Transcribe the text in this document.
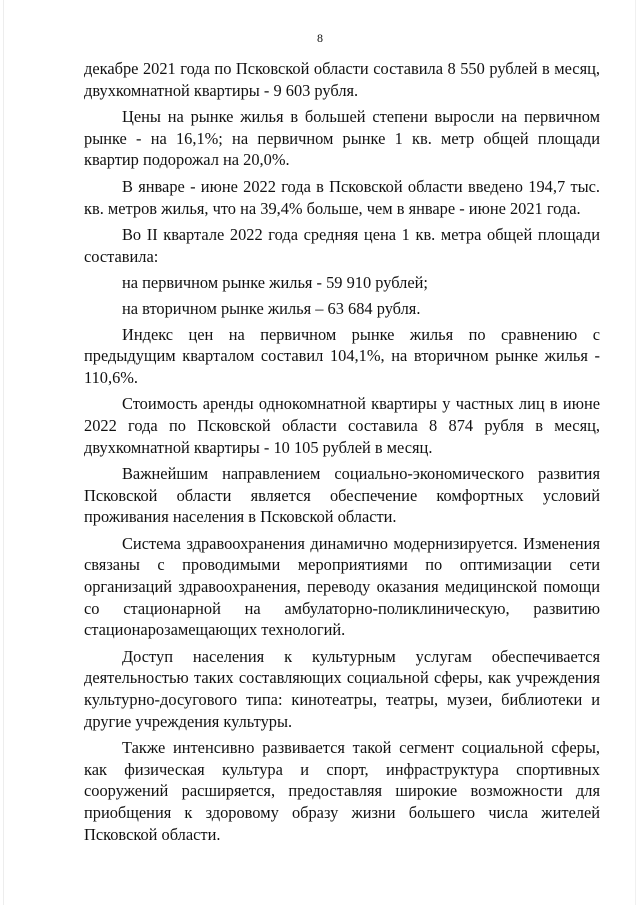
8

декабре 2021 года по Псковской области составила 8 550 рублей в месяц, двухкомнатной квартиры - 9 603 рубля.

Цены на рынке жилья в большей степени выросли на первичном рынке - на 16,1%; на первичном рынке 1 кв. метр общей площади квартир подорожал на 20,0%.

В январе - июне 2022 года в Псковской области введено 194,7 тыс. кв. метров жилья, что на 39,4% больше, чем в январе - июне 2021 года.

Во II квартале 2022 года средняя цена 1 кв. метра общей площади составила:

на первичном рынке жилья - 59 910 рублей;

на вторичном рынке жилья – 63 684 рубля.

Индекс цен на первичном рынке жилья по сравнению с предыдущим кварталом составил 104,1%, на вторичном рынке жилья - 110,6%.

Стоимость аренды однокомнатной квартиры у частных лиц в июне 2022 года по Псковской области составила 8 874 рубля в месяц, двухкомнатной квартиры - 10 105 рублей в месяц.

Важнейшим направлением социально-экономического развития Псковской области является обеспечение комфортных условий проживания населения в Псковской области.

Система здравоохранения динамично модернизируется. Изменения связаны с проводимыми мероприятиями по оптимизации сети организаций здравоохранения, переводу оказания медицинской помощи со стационарной на амбулаторно-поликлиническую, развитию стационарозамещающих технологий.

Доступ населения к культурным услугам обеспечивается деятельностью таких составляющих социальной сферы, как учреждения культурно-досугового типа: кинотеатры, театры, музеи, библиотеки и другие учреждения культуры.

Также интенсивно развивается такой сегмент социальной сферы, как физическая культура и спорт, инфраструктура спортивных сооружений расширяется, предоставляя широкие возможности для приобщения к здоровому образу жизни большего числа жителей Псковской области.
